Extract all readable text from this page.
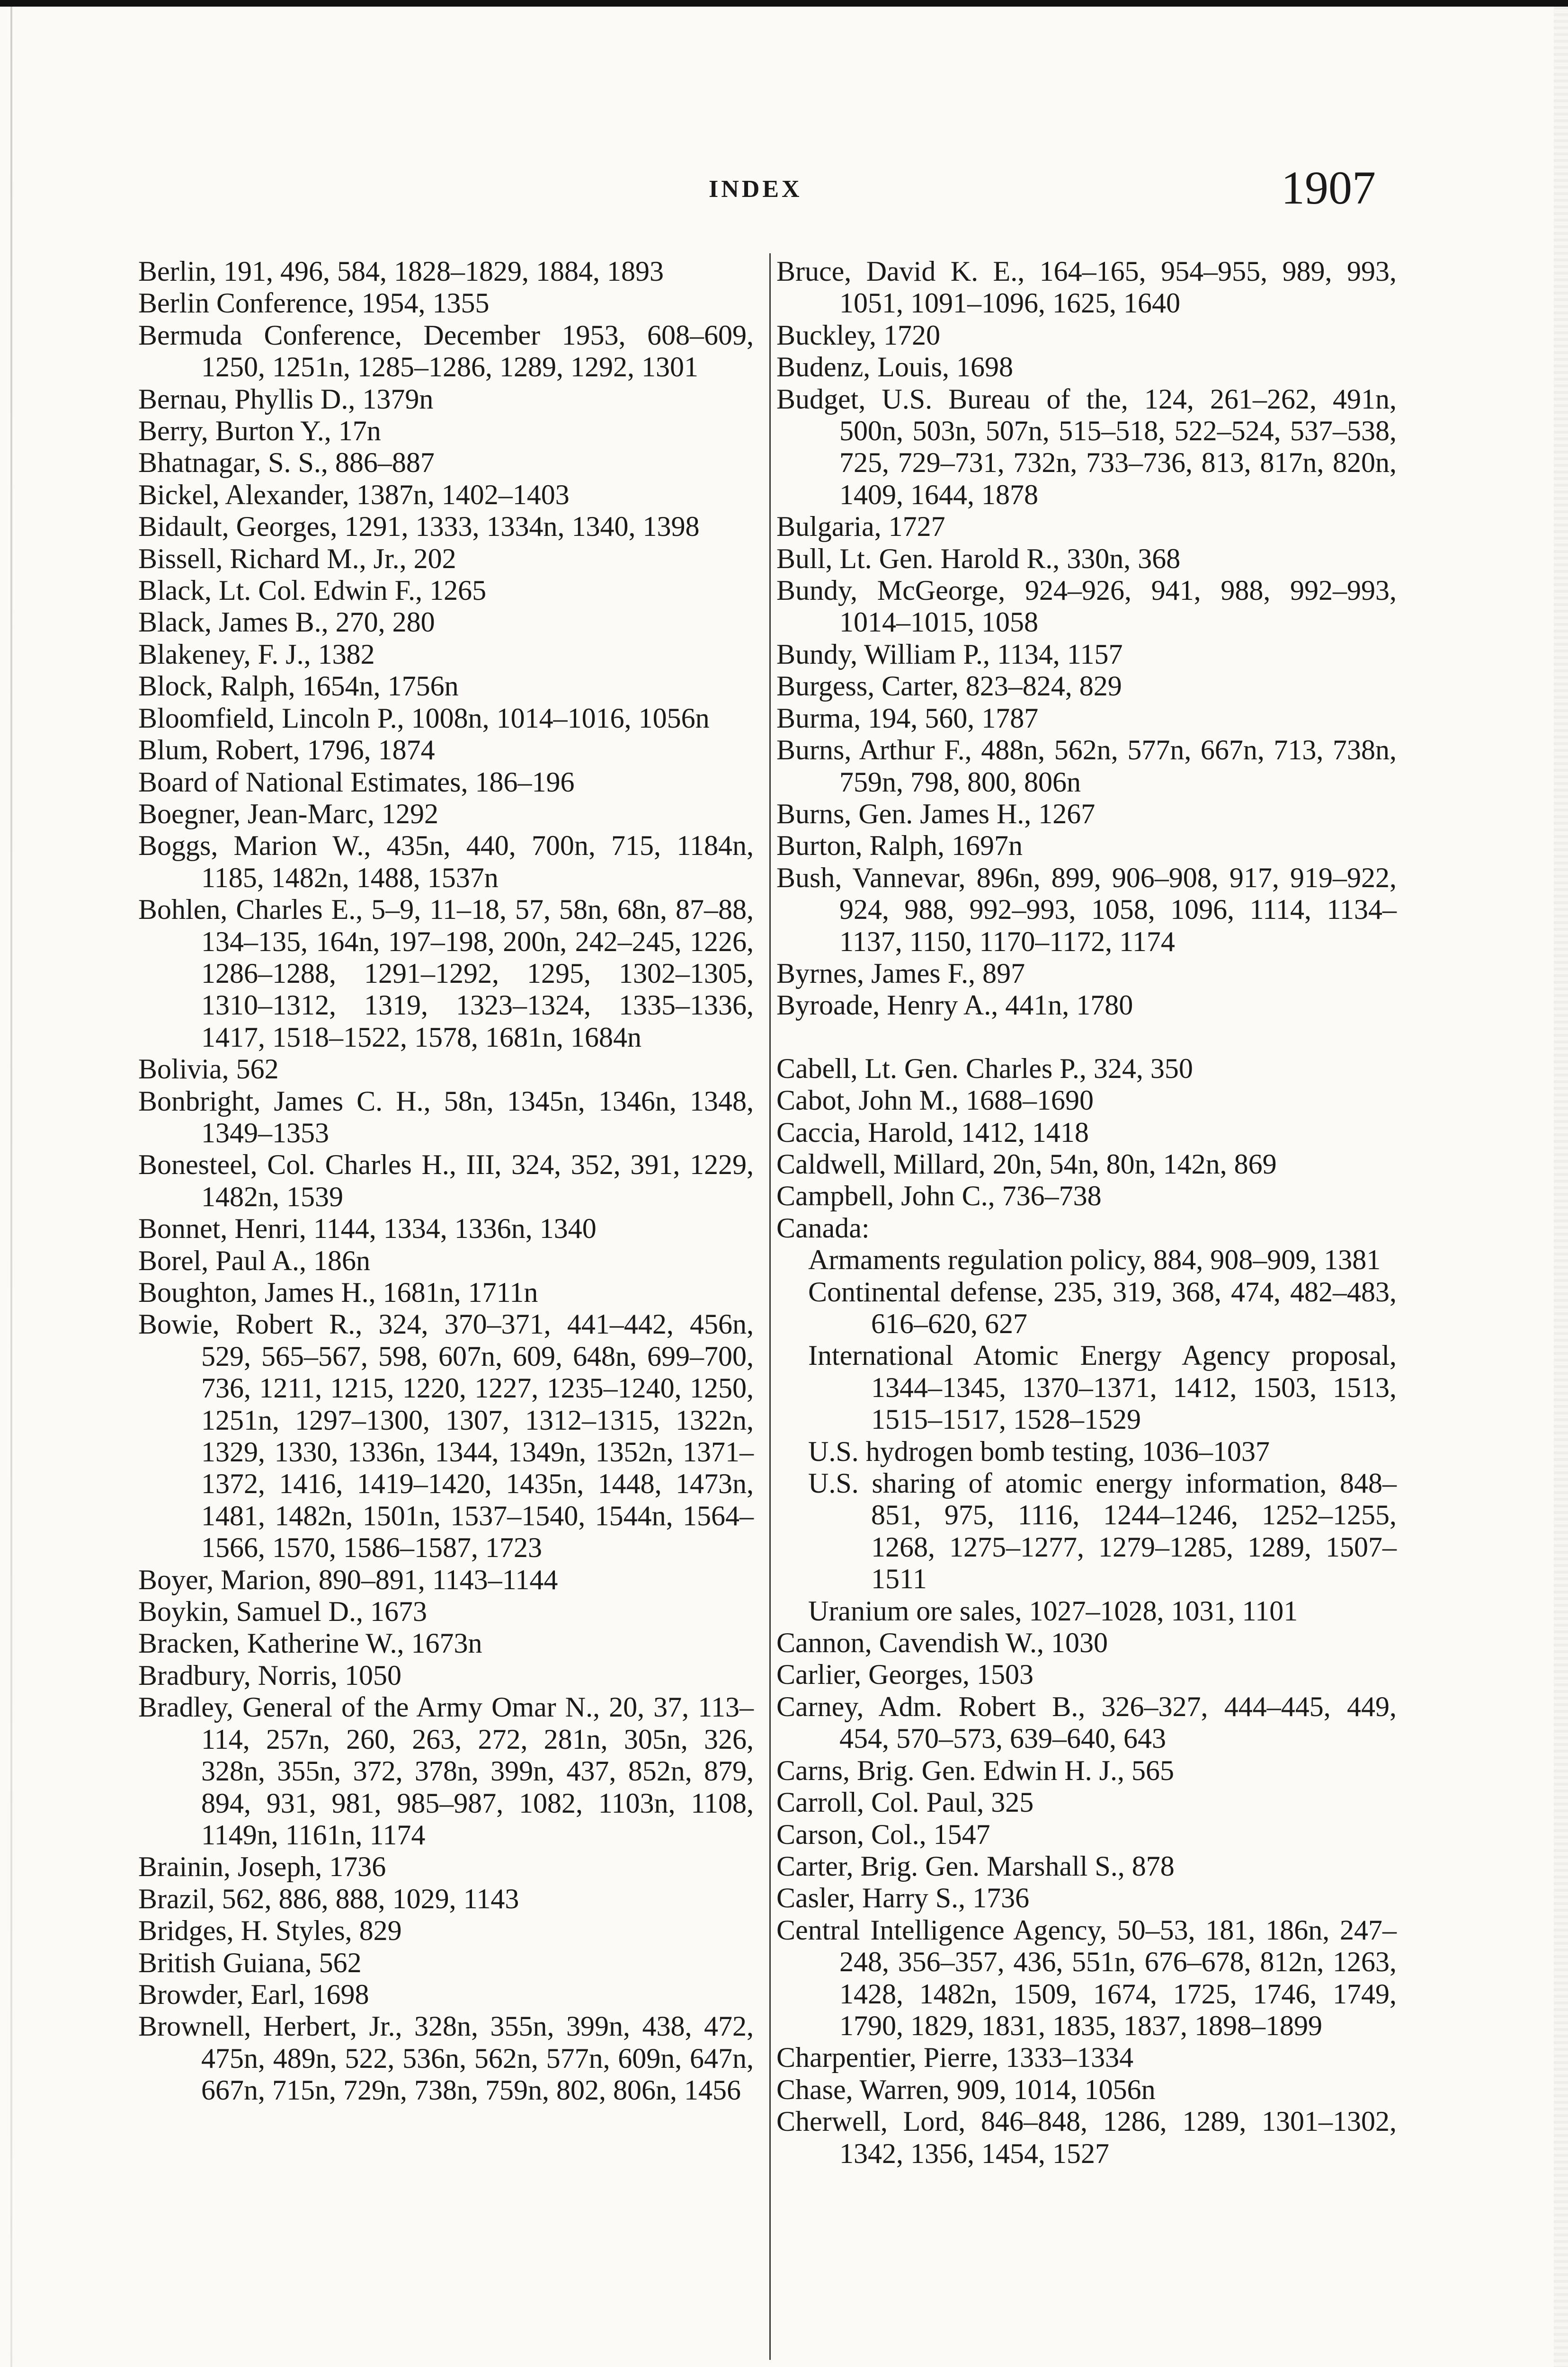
INDEX	1907

Berlin, 191, 496, 584, 1828–1829, 1884, 1893

Berlin Conference, 1954, 1355

Bermuda Conference, December 1953, 608–609, 1250, 1251n, 1285–1286, 1289, 1292, 1301

Bernau, Phyllis D., 1379n

Berry, Burton Y., 17n

Bhatnagar, S. S., 886–887

Bickel, Alexander, 1387n, 1402–1403

Bidault, Georges, 1291, 1333, 1334n, 1340, 1398

Bissell, Richard M., Jr., 202

Black, Lt. Col. Edwin F., 1265

Black, James B., 270, 280

Blakeney, F. J., 1382

Block, Ralph, 1654n, 1756n

Bloomfield, Lincoln P., 1008n, 1014–1016, 1056n

Blum, Robert, 1796, 1874

Board of National Estimates, 186–196

Boegner, Jean-Marc, 1292

Boggs, Marion W., 435n, 440, 700n, 715, 1184n, 1185, 1482n, 1488, 1537n

Bohlen, Charles E., 5–9, 11–18, 57, 58n, 68n, 87–88, 134–135, 164n, 197–198, 200n, 242–245, 1226, 1286–1288, 1291–1292, 1295, 1302–1305, 1310–1312, 1319, 1323–1324, 1335–1336, 1417, 1518–1522, 1578, 1681n, 1684n

Bolivia, 562

Bonbright, James C. H., 58n, 1345n, 1346n, 1348, 1349–1353

Bonesteel, Col. Charles H., III, 324, 352, 391, 1229, 1482n, 1539

Bonnet, Henri, 1144, 1334, 1336n, 1340

Borel, Paul A., 186n

Boughton, James H., 1681n, 1711n

Bowie, Robert R., 324, 370–371, 441–442, 456n, 529, 565–567, 598, 607n, 609, 648n, 699–700, 736, 1211, 1215, 1220, 1227, 1235–1240, 1250, 1251n, 1297–1300, 1307, 1312–1315, 1322n, 1329, 1330, 1336n, 1344, 1349n, 1352n, 1371–1372, 1416, 1419–1420, 1435n, 1448, 1473n, 1481, 1482n, 1501n, 1537–1540, 1544n, 1564–1566, 1570, 1586–1587, 1723

Boyer, Marion, 890–891, 1143–1144

Boykin, Samuel D., 1673

Bracken, Katherine W., 1673n

Bradbury, Norris, 1050

Bradley, General of the Army Omar N., 20, 37, 113–114, 257n, 260, 263, 272, 281n, 305n, 326, 328n, 355n, 372, 378n, 399n, 437, 852n, 879, 894, 931, 981, 985–987, 1082, 1103n, 1108, 1149n, 1161n, 1174

Brainin, Joseph, 1736

Brazil, 562, 886, 888, 1029, 1143

Bridges, H. Styles, 829

British Guiana, 562

Browder, Earl, 1698

Brownell, Herbert, Jr., 328n, 355n, 399n, 438, 472, 475n, 489n, 522, 536n, 562n, 577n, 609n, 647n, 667n, 715n, 729n, 738n, 759n, 802, 806n, 1456

Bruce, David K. E., 164–165, 954–955, 989, 993, 1051, 1091–1096, 1625, 1640

Buckley, 1720

Budenz, Louis, 1698

Budget, U.S. Bureau of the, 124, 261–262, 491n, 500n, 503n, 507n, 515–518, 522–524, 537–538, 725, 729–731, 732n, 733–736, 813, 817n, 820n, 1409, 1644, 1878

Bulgaria, 1727

Bull, Lt. Gen. Harold R., 330n, 368

Bundy, McGeorge, 924–926, 941, 988, 992–993, 1014–1015, 1058

Bundy, William P., 1134, 1157

Burgess, Carter, 823–824, 829

Burma, 194, 560, 1787

Burns, Arthur F., 488n, 562n, 577n, 667n, 713, 738n, 759n, 798, 800, 806n

Burns, Gen. James H., 1267

Burton, Ralph, 1697n

Bush, Vannevar, 896n, 899, 906–908, 917, 919–922, 924, 988, 992–993, 1058, 1096, 1114, 1134–1137, 1150, 1170–1172, 1174

Byrnes, James F., 897

Byroade, Henry A., 441n, 1780

Cabell, Lt. Gen. Charles P., 324, 350

Cabot, John M., 1688–1690

Caccia, Harold, 1412, 1418

Caldwell, Millard, 20n, 54n, 80n, 142n, 869

Campbell, John C., 736–738

Canada:

Armaments regulation policy, 884, 908–909, 1381

Continental defense, 235, 319, 368, 474, 482–483, 616–620, 627

International Atomic Energy Agency proposal, 1344–1345, 1370–1371, 1412, 1503, 1513, 1515–1517, 1528–1529

U.S. hydrogen bomb testing, 1036–1037

U.S. sharing of atomic energy information, 848–851, 975, 1116, 1244–1246, 1252–1255, 1268, 1275–1277, 1279–1285, 1289, 1507–1511

Uranium ore sales, 1027–1028, 1031, 1101

Cannon, Cavendish W., 1030

Carlier, Georges, 1503

Carney, Adm. Robert B., 326–327, 444–445, 449, 454, 570–573, 639–640, 643

Carns, Brig. Gen. Edwin H. J., 565

Carroll, Col. Paul, 325

Carson, Col., 1547

Carter, Brig. Gen. Marshall S., 878

Casler, Harry S., 1736

Central Intelligence Agency, 50–53, 181, 186n, 247–248, 356–357, 436, 551n, 676–678, 812n, 1263, 1428, 1482n, 1509, 1674, 1725, 1746, 1749, 1790, 1829, 1831, 1835, 1837, 1898–1899

Charpentier, Pierre, 1333–1334

Chase, Warren, 909, 1014, 1056n

Cherwell, Lord, 846–848, 1286, 1289, 1301–1302, 1342, 1356, 1454, 1527
